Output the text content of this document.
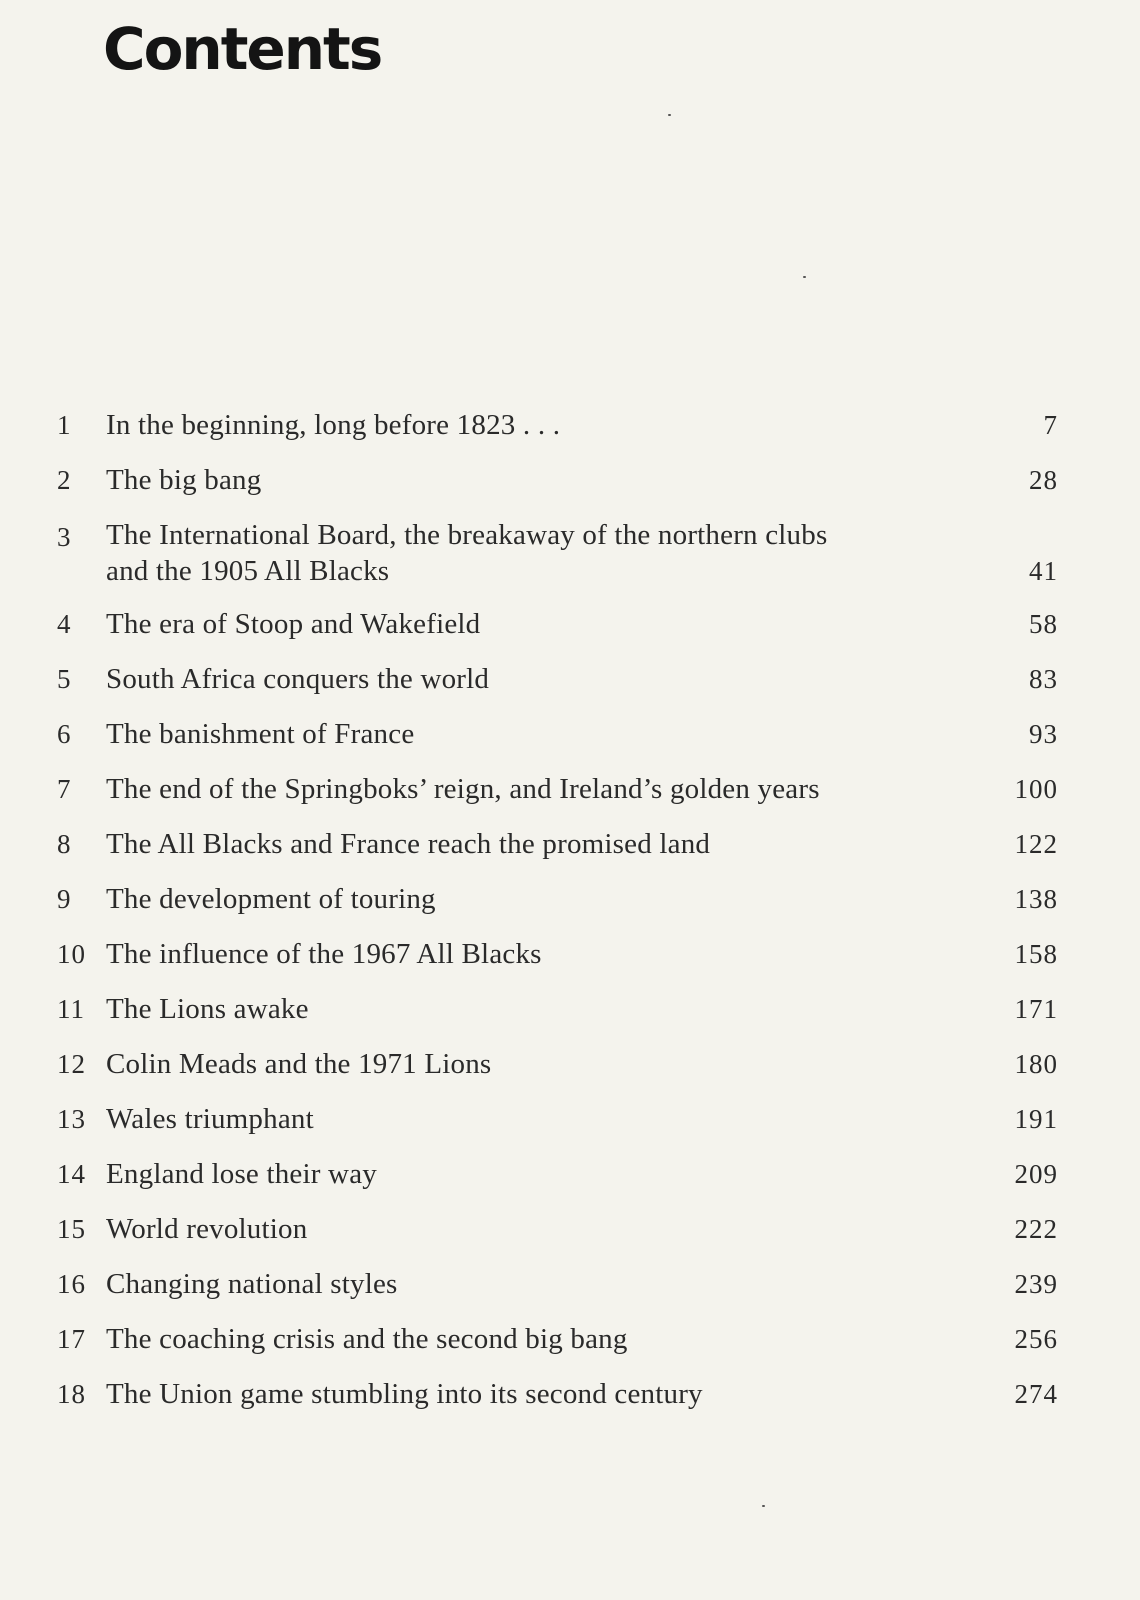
Contents
1 In the beginning, long before 1823 . . .	7
2 The big bang	28
3 The International Board, the breakaway of the northern clubs
and the 1905 All Blacks	41
4 The era of Stoop and Wakefield	58
5 South Africa conquers the world	83
6 The banishment of France	93
7 The end of the Springboks’ reign, and Ireland’s golden years	100
8 The All Blacks and France reach the promised land	122
9 The development of touring	138
10 The influence of the 1967 All Blacks	158
11 The Lions awake	171
12 Colin Meads and the 1971 Lions	180
13 Wales triumphant	191
14 England lose their way	209
15 World revolution	222
16 Changing national styles	239
17 The coaching crisis and the second big bang	256
18 The Union game stumbling into its second century	274
